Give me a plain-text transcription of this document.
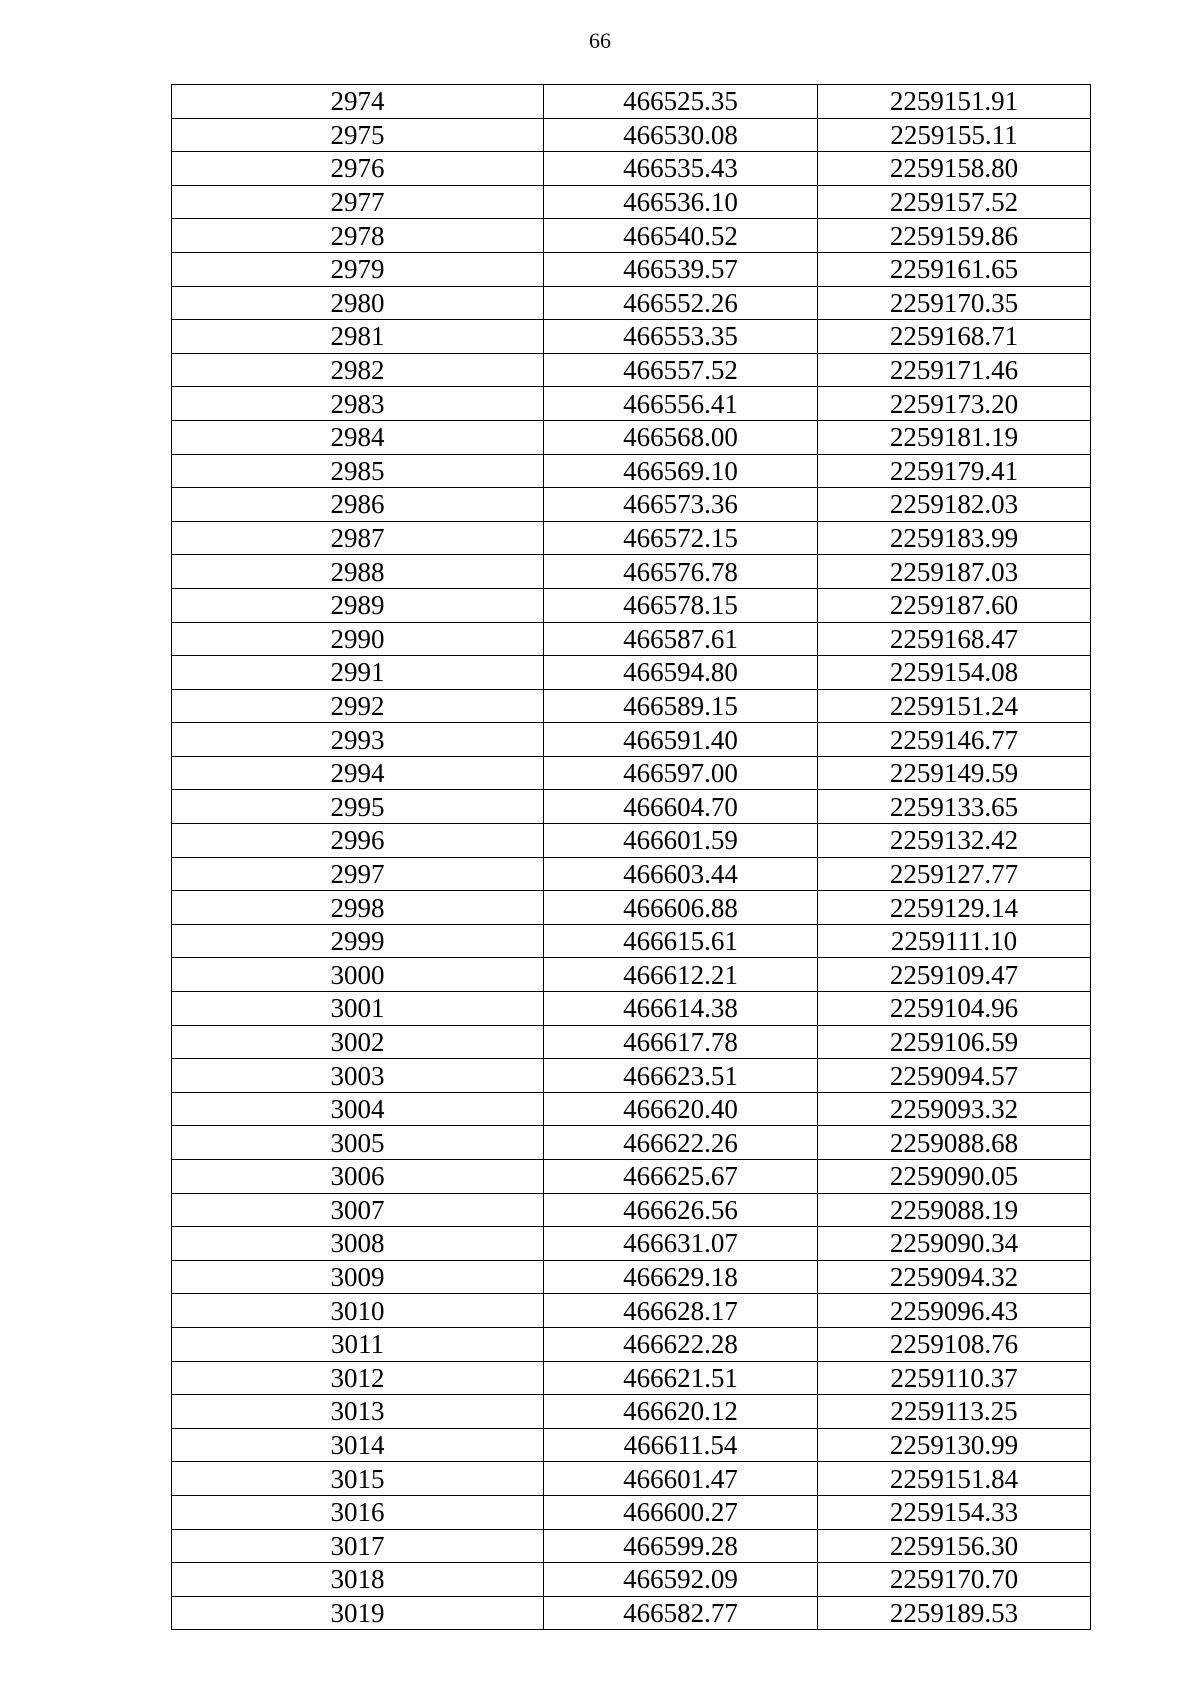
66
2974	466525.35	2259151.91
2975	466530.08	2259155.11
2976	466535.43	2259158.80
2977	466536.10	2259157.52
2978	466540.52	2259159.86
2979	466539.57	2259161.65
2980	466552.26	2259170.35
2981	466553.35	2259168.71
2982	466557.52	2259171.46
2983	466556.41	2259173.20
2984	466568.00	2259181.19
2985	466569.10	2259179.41
2986	466573.36	2259182.03
2987	466572.15	2259183.99
2988	466576.78	2259187.03
2989	466578.15	2259187.60
2990	466587.61	2259168.47
2991	466594.80	2259154.08
2992	466589.15	2259151.24
2993	466591.40	2259146.77
2994	466597.00	2259149.59
2995	466604.70	2259133.65
2996	466601.59	2259132.42
2997	466603.44	2259127.77
2998	466606.88	2259129.14
2999	466615.61	2259111.10
3000	466612.21	2259109.47
3001	466614.38	2259104.96
3002	466617.78	2259106.59
3003	466623.51	2259094.57
3004	466620.40	2259093.32
3005	466622.26	2259088.68
3006	466625.67	2259090.05
3007	466626.56	2259088.19
3008	466631.07	2259090.34
3009	466629.18	2259094.32
3010	466628.17	2259096.43
3011	466622.28	2259108.76
3012	466621.51	2259110.37
3013	466620.12	2259113.25
3014	466611.54	2259130.99
3015	466601.47	2259151.84
3016	466600.27	2259154.33
3017	466599.28	2259156.30
3018	466592.09	2259170.70
3019	466582.77	2259189.53
